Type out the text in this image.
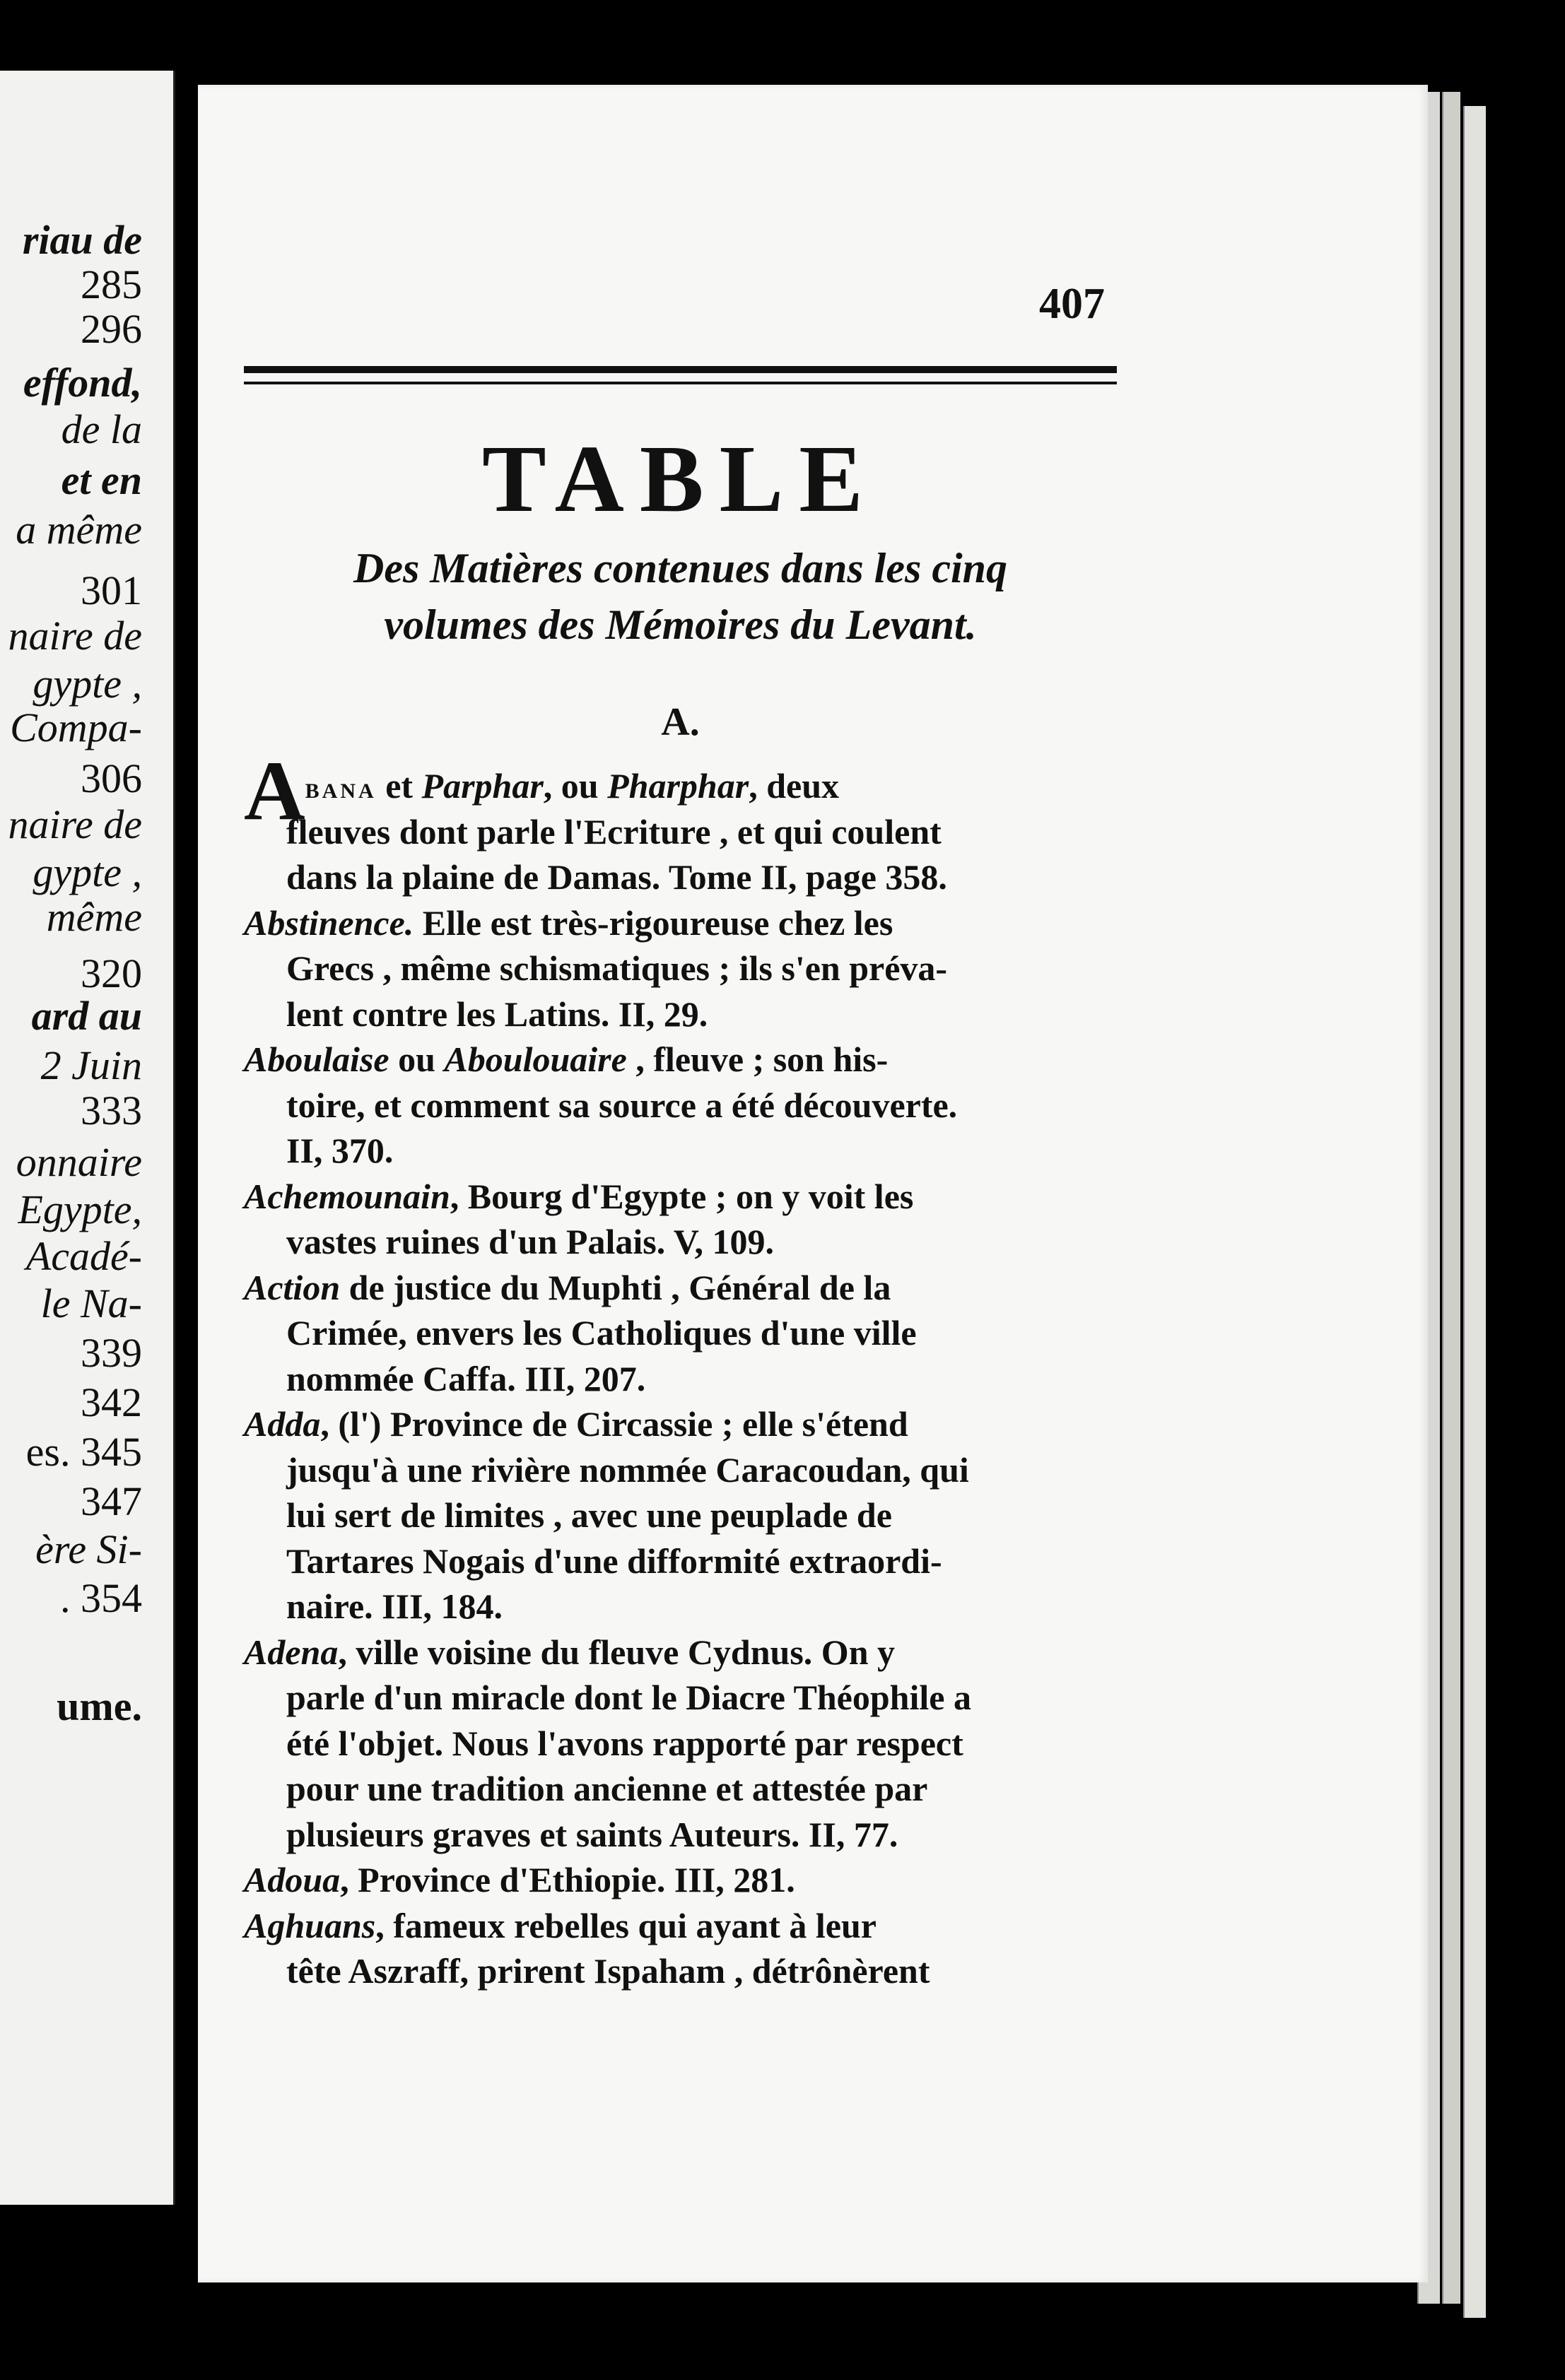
riau de
285
296
effond,
de la
et en
a même
301
naire de
gypte ,
Compa-
306
naire de
gypte ,
même
320
ard au
2 Juin
333
onnaire
Egypte,
Acadé-
le Na-
339
342
es. 345
347
ère Si-
. 354
ume.
407
TABLE
Des Matières contenues dans les cinq
volumes des Mémoires du Levant.
A.
ABANA et Parphar, ou Pharphar, deux
fleuves dont parle l'Ecriture , et qui coulent
dans la plaine de Damas. Tome II, page 358.
Abstinence. Elle est très-rigoureuse chez les
Grecs , même schismatiques ; ils s'en préva-
lent contre les Latins. II, 29.
Aboulaise ou Aboulouaire , fleuve ; son his-
toire, et comment sa source a été découverte.
II, 370.
Achemounain, Bourg d'Egypte ; on y voit les
vastes ruines d'un Palais. V, 109.
Action de justice du Muphti , Général de la
Crimée, envers les Catholiques d'une ville
nommée Caffa. III, 207.
Adda, (l') Province de Circassie ; elle s'étend
jusqu'à une rivière nommée Caracoudan, qui
lui sert de limites , avec une peuplade de
Tartares Nogais d'une difformité extraordi-
naire. III, 184.
Adena, ville voisine du fleuve Cydnus. On y
parle d'un miracle dont le Diacre Théophile a
été l'objet. Nous l'avons rapporté par respect
pour une tradition ancienne et attestée par
plusieurs graves et saints Auteurs. II, 77.
Adoua, Province d'Ethiopie. III, 281.
Aghuans, fameux rebelles qui ayant à leur
tête Aszraff, prirent Ispaham , détrônèrent
